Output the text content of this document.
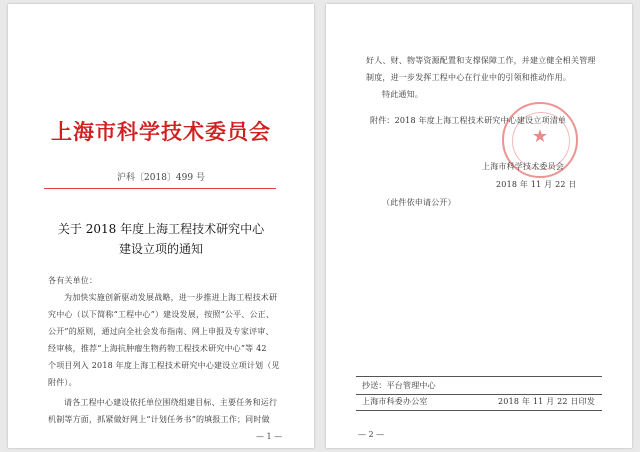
上海市科学技术委员会
沪科〔2018〕499 号
关于 2018 年度上海工程技术研究中心
建设立项的通知
各有关单位：
为加快实施创新驱动发展战略，进一步推进上海工程技术研
究中心（以下简称“工程中心”）建设发展，按照“公平、公正、
公开”的原则，通过向全社会发布指南、网上申报及专家评审、
经审核，推荐“上海抗肿瘤生物药物工程技术研究中心”等 42
个项目列入 2018 年度上海工程技术研究中心建设立项计划（见
附件）。
请各工程中心建设依托单位围绕组建目标、主要任务和运行
机制等方面，抓紧做好网上“计划任务书”的填报工作；同时做
— 1 —
好人、财、物等资源配置和支撑保障工作，并建立健全相关管理
制度，进一步发挥工程中心在行业中的引领和推动作用。
特此通知。
★
附件：2018 年度上海工程技术研究中心建设立项清单
上海市科学技术委员会
2018 年 11 月 22 日
（此件依申请公开）
抄送：平台管理中心
上海市科委办公室	2018 年 11 月 22 日印发
— 2 —
